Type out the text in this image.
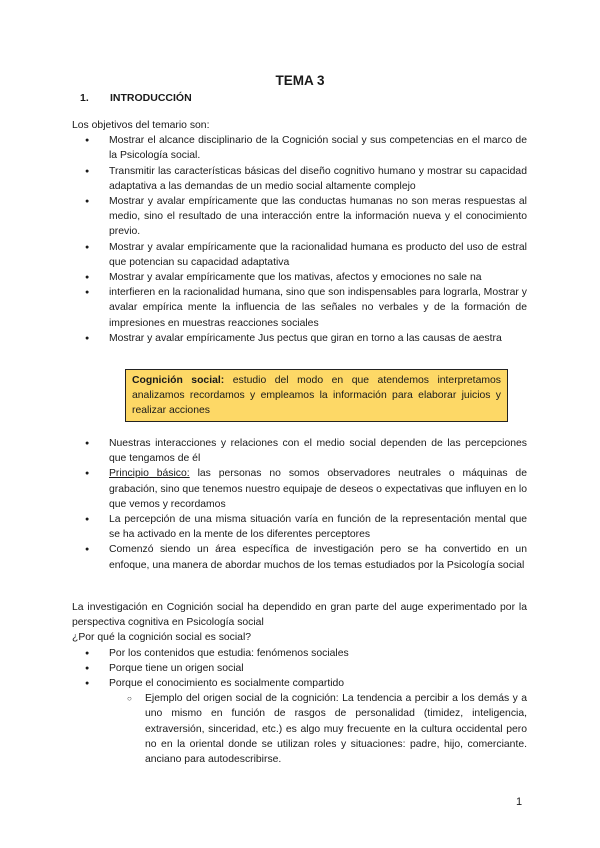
TEMA 3
1. INTRODUCCIÓN

Los objetivos del temario son:

● Mostrar el alcance disciplinario de la Cognición social y sus competencias en el marco de la Psicología social.
● Transmitir las características básicas del diseño cognitivo humano y mostrar su capacidad adaptativa a las demandas de un medio social altamente complejo
● Mostrar y avalar empíricamente que las conductas humanas no son meras respuestas al medio, sino el resultado de una interacción entre la información nueva y el conocimiento previo.
● Mostrar y avalar empíricamente que la racionalidad humana es producto del uso de estral que potencian su capacidad adaptativa
● Mostrar y avalar empíricamente que los mativas, afectos y emociones no sale na
● interfieren en la racionalidad humana, sino que son indispensables para lograrla, Mostrar y avalar empírica mente la influencia de las señales no verbales y de la formación de impresiones en muestras reacciones sociales
● Mostrar y avalar empíricamente Jus pectus que giran en torno a las causas de aestra
Cognición social: estudio del modo en que atendemos interpretamos analizamos recordamos y empleamos la información para elaborar juicios y realizar acciones
● Nuestras interacciones y relaciones con el medio social dependen de las percepciones que tengamos de él
● Principio básico: las personas no somos observadores neutrales o máquinas de grabación, sino que tenemos nuestro equipaje de deseos o expectativas que influyen en lo que vemos y recordamos
● La percepción de una misma situación varía en función de la representación mental que se ha activado en la mente de los diferentes perceptores
● Comenzó siendo un área específica de investigación pero se ha convertido en un enfoque, una manera de abordar muchos de los temas estudiados por la Psicología social

La investigación en Cognición social ha dependido en gran parte del auge experimentado por la perspectiva cognitiva en Psicología social

¿Por qué la cognición social es social?

● Por los contenidos que estudia: fenómenos sociales
● Porque tiene un origen social
● Porque el conocimiento es socialmente compartido
○ Ejemplo del origen social de la cognición: La tendencia a percibir a los demás y a uno mismo en función de rasgos de personalidad (timidez, inteligencia, extraversión, sinceridad, etc.) es algo muy frecuente en la cultura occidental pero no en la oriental donde se utilizan roles y situaciones: padre, hijo, comerciante. anciano para autodescribirse.
1
